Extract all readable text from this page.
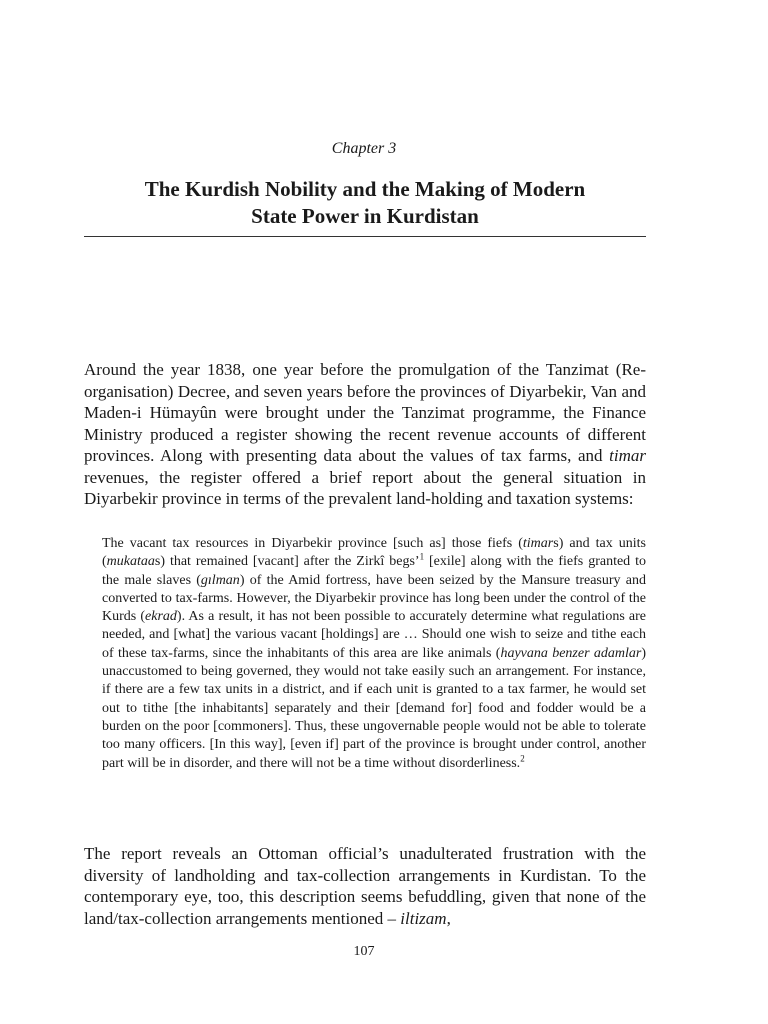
Chapter 3
The Kurdish Nobility and the Making of Modern
State Power in Kurdistan

Around the year 1838, one year before the promulgation of the Tanzimat (Re-organisation) Decree, and seven years before the provinces of Diyarbekir, Van and Maden-i Hümayûn were brought under the Tanzimat programme, the Finance Ministry produced a register showing the recent revenue accounts of different provinces. Along with presenting data about the values of tax farms, and timar revenues, the register offered a brief report about the general situation in Diyarbekir province in terms of the prevalent land-holding and taxation systems:

The vacant tax resources in Diyarbekir province [such as] those fiefs (timars) and tax units (mukataas) that remained [vacant] after the Zirkî begs’$^1$ [exile] along with the fiefs granted to the male slaves (gılman) of the Amid fortress, have been seized by the Mansure treasury and converted to tax-farms. However, the Diyarbekir province has long been under the control of the Kurds (ekrad). As a result, it has not been possible to accurately determine what regulations are needed, and [what] the various vacant [holdings] are … Should one wish to seize and tithe each of these tax-farms, since the inhabitants of this area are like animals (hayvana benzer adamlar) unaccustomed to being governed, they would not take easily such an arrangement. For instance, if there are a few tax units in a district, and if each unit is granted to a tax farmer, he would set out to tithe [the inhabitants] separately and their [demand for] food and fodder would be a burden on the poor [commoners]. Thus, these ungovernable people would not be able to tolerate too many officers. [In this way], [even if] part of the province is brought under control, another part will be in disorder, and there will not be a time without disorderliness.$^2$

The report reveals an Ottoman official’s unadulterated frustration with the diversity of landholding and tax-collection arrangements in Kurdistan. To the contemporary eye, too, this description seems befuddling, given that none of the land/tax-collection arrangements mentioned – iltizam,

107
